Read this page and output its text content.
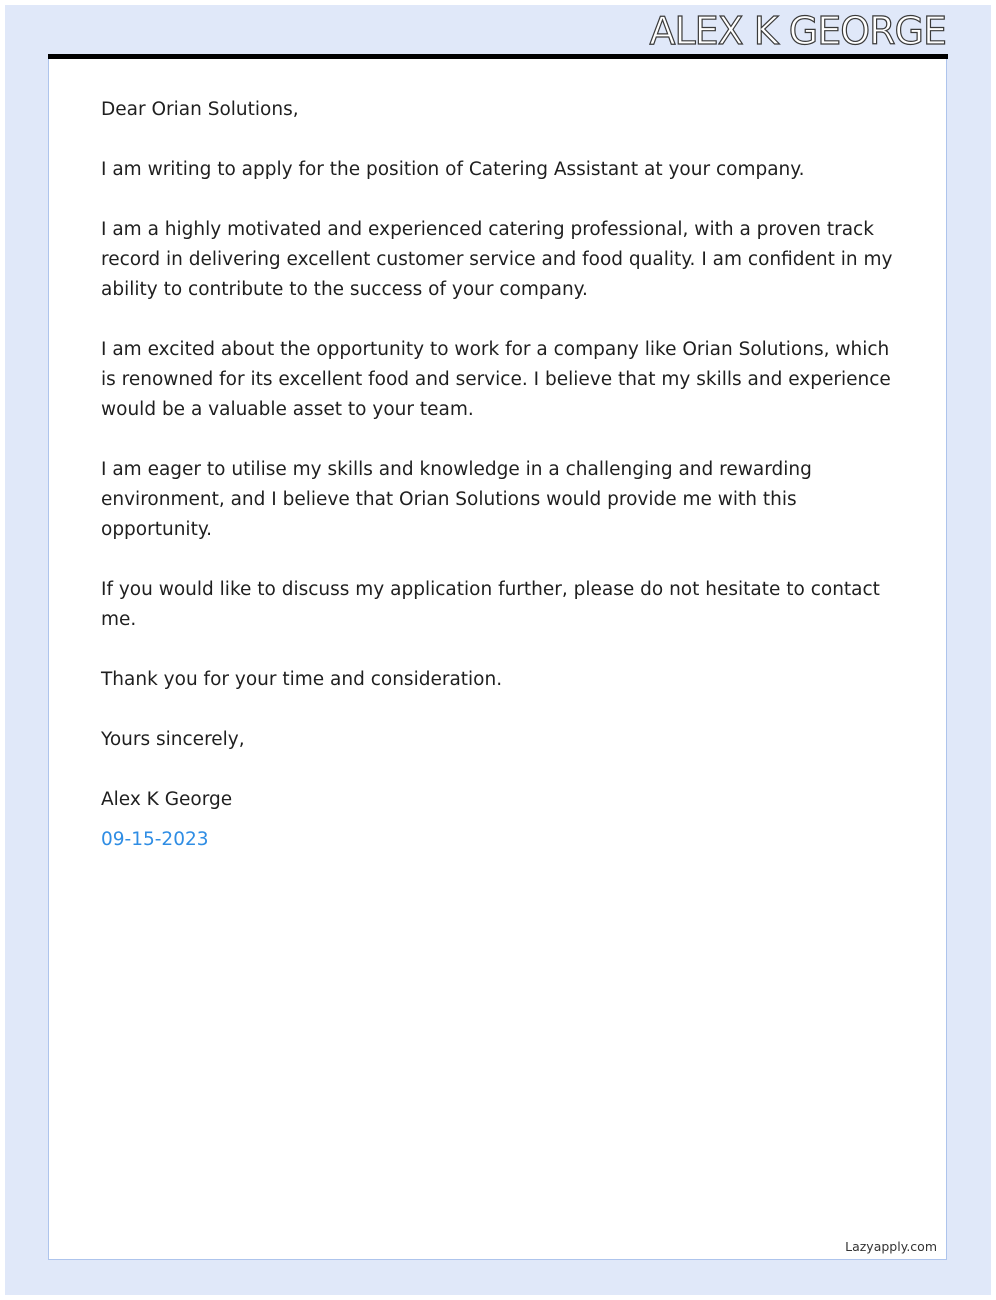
ALEX K GEORGE

Dear Orian Solutions,

I am writing to apply for the position of Catering Assistant at your company.

I am a highly motivated and experienced catering professional, with a proven track record in delivering excellent customer service and food quality. I am confident in my ability to contribute to the success of your company.

I am excited about the opportunity to work for a company like Orian Solutions, which is renowned for its excellent food and service. I believe that my skills and experience would be a valuable asset to your team.

I am eager to utilise my skills and knowledge in a challenging and rewarding environment, and I believe that Orian Solutions would provide me with this opportunity.

If you would like to discuss my application further, please do not hesitate to contact me.

Thank you for your time and consideration.

Yours sincerely,

Alex K George

09-15-2023

Lazyapply.com
